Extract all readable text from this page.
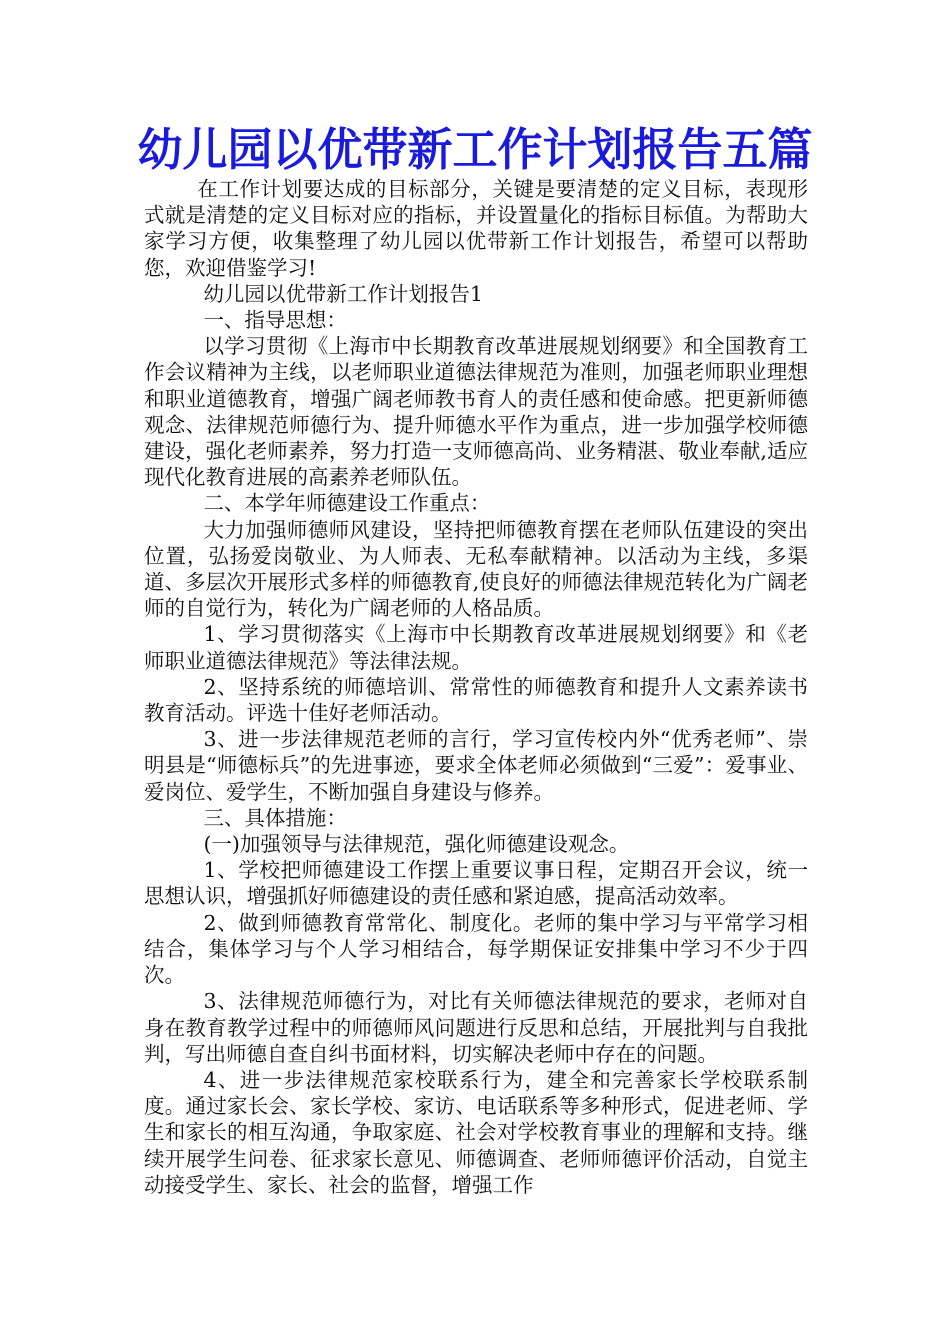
幼儿园以优带新工作计划报告五篇

在工作计划要达成的目标部分，关键是要清楚的定义目标，表现形式就是清楚的定义目标对应的指标，并设置量化的指标目标值。为帮助大家学习方便，收集整理了幼儿园以优带新工作计划报告，希望可以帮助您，欢迎借鉴学习!

幼儿园以优带新工作计划报告1

一、指导思想：

以学习贯彻《上海市中长期教育改革进展规划纲要》和全国教育工作会议精神为主线，以老师职业道德法律规范为准则，加强老师职业理想和职业道德教育，增强广阔老师教书育人的责任感和使命感。把更新师德观念、法律规范师德行为、提升师德水平作为重点，进一步加强学校师德建设，强化老师素养，努力打造一支师德高尚、业务精湛、敬业奉献,适应现代化教育进展的高素养老师队伍。

二、本学年师德建设工作重点：

大力加强师德师风建设，坚持把师德教育摆在老师队伍建设的突出位置，弘扬爱岗敬业、为人师表、无私奉献精神。以活动为主线，多渠道、多层次开展形式多样的师德教育,使良好的师德法律规范转化为广阔老师的自觉行为，转化为广阔老师的人格品质。

1、学习贯彻落实《上海市中长期教育改革进展规划纲要》和《老师职业道德法律规范》等法律法规。

2、坚持系统的师德培训、常常性的师德教育和提升人文素养读书教育活动。评选十佳好老师活动。

3、进一步法律规范老师的言行，学习宣传校内外“优秀老师”、崇明县是“师德标兵”的先进事迹，要求全体老师必须做到“三爱”：爱事业、爱岗位、爱学生，不断加强自身建设与修养。

三、具体措施：

(一)加强领导与法律规范，强化师德建设观念。

1、学校把师德建设工作摆上重要议事日程，定期召开会议，统一思想认识，增强抓好师德建设的责任感和紧迫感，提高活动效率。

2、做到师德教育常常化、制度化。老师的集中学习与平常学习相结合，集体学习与个人学习相结合，每学期保证安排集中学习不少于四次。

3、法律规范师德行为，对比有关师德法律规范的要求，老师对自身在教育教学过程中的师德师风问题进行反思和总结，开展批判与自我批判，写出师德自查自纠书面材料，切实解决老师中存在的问题。

4、进一步法律规范家校联系行为，建全和完善家长学校联系制度。通过家长会、家长学校、家访、电话联系等多种形式，促进老师、学生和家长的相互沟通，争取家庭、社会对学校教育事业的理解和支持。继续开展学生问卷、征求家长意见、师德调查、老师师德评价活动，自觉主动接受学生、家长、社会的监督，增强工作
